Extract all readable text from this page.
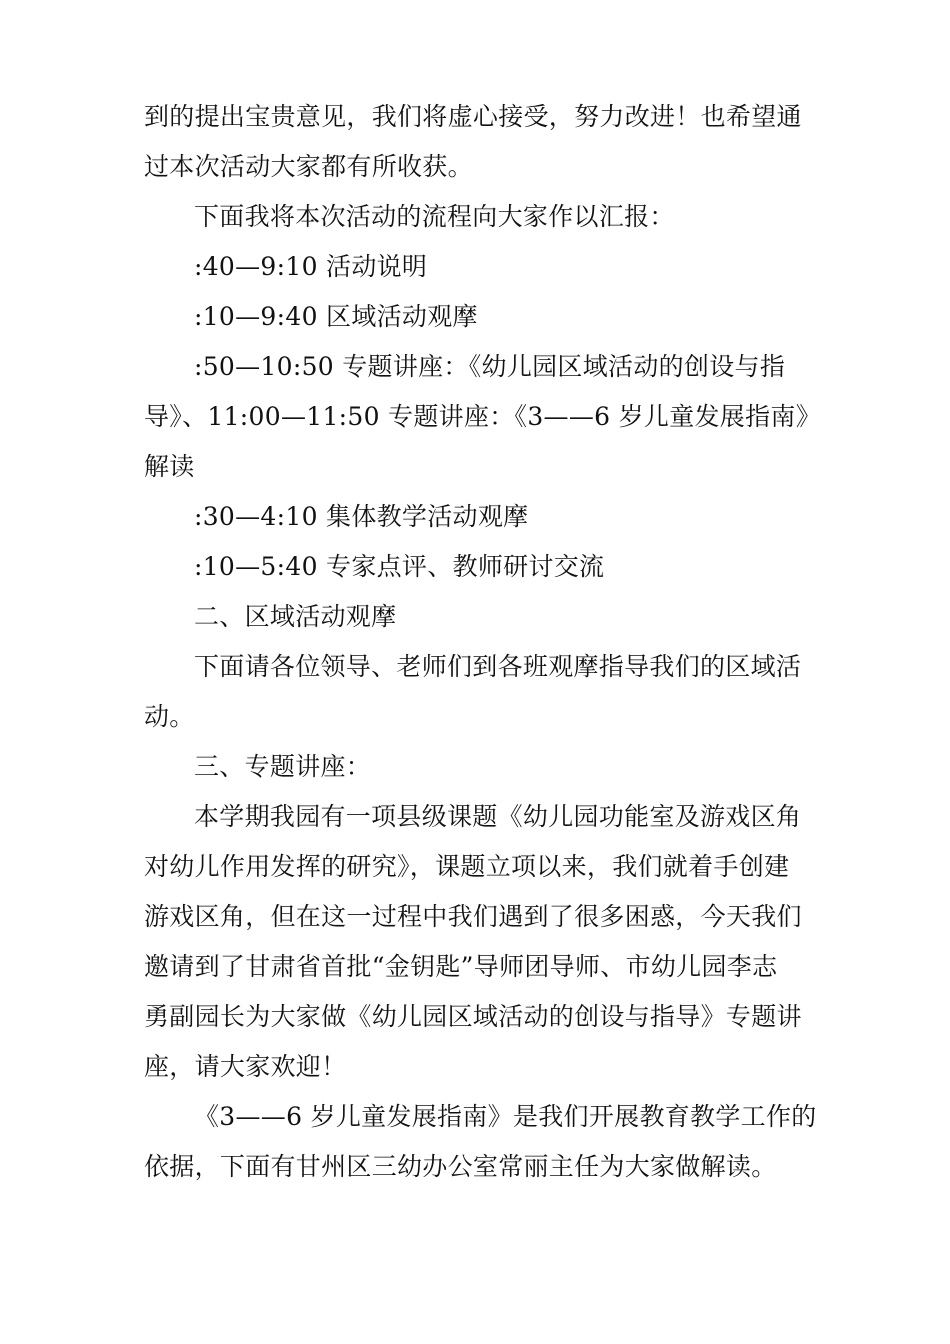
到的提出宝贵意见，我们将虚心接受，努力改进！也希望通
过本次活动大家都有所收获。
下面我将本次活动的流程向大家作以汇报：
:40—9:10 活动说明
:10—9:40 区域活动观摩
:50—10:50 专题讲座：《幼儿园区域活动的创设与指
导》、11:00—11:50 专题讲座：《3——6 岁儿童发展指南》
解读
:30—4:10 集体教学活动观摩
:10—5:40 专家点评、教师研讨交流
二、区域活动观摩
下面请各位领导、老师们到各班观摩指导我们的区域活
动。
三、专题讲座：
本学期我园有一项县级课题《幼儿园功能室及游戏区角
对幼儿作用发挥的研究》，课题立项以来，我们就着手创建
游戏区角，但在这一过程中我们遇到了很多困惑，今天我们
邀请到了甘肃省首批“金钥匙”导师团导师、市幼儿园李志
勇副园长为大家做《幼儿园区域活动的创设与指导》专题讲
座，请大家欢迎！
《3——6 岁儿童发展指南》是我们开展教育教学工作的
依据，下面有甘州区三幼办公室常丽主任为大家做解读。
